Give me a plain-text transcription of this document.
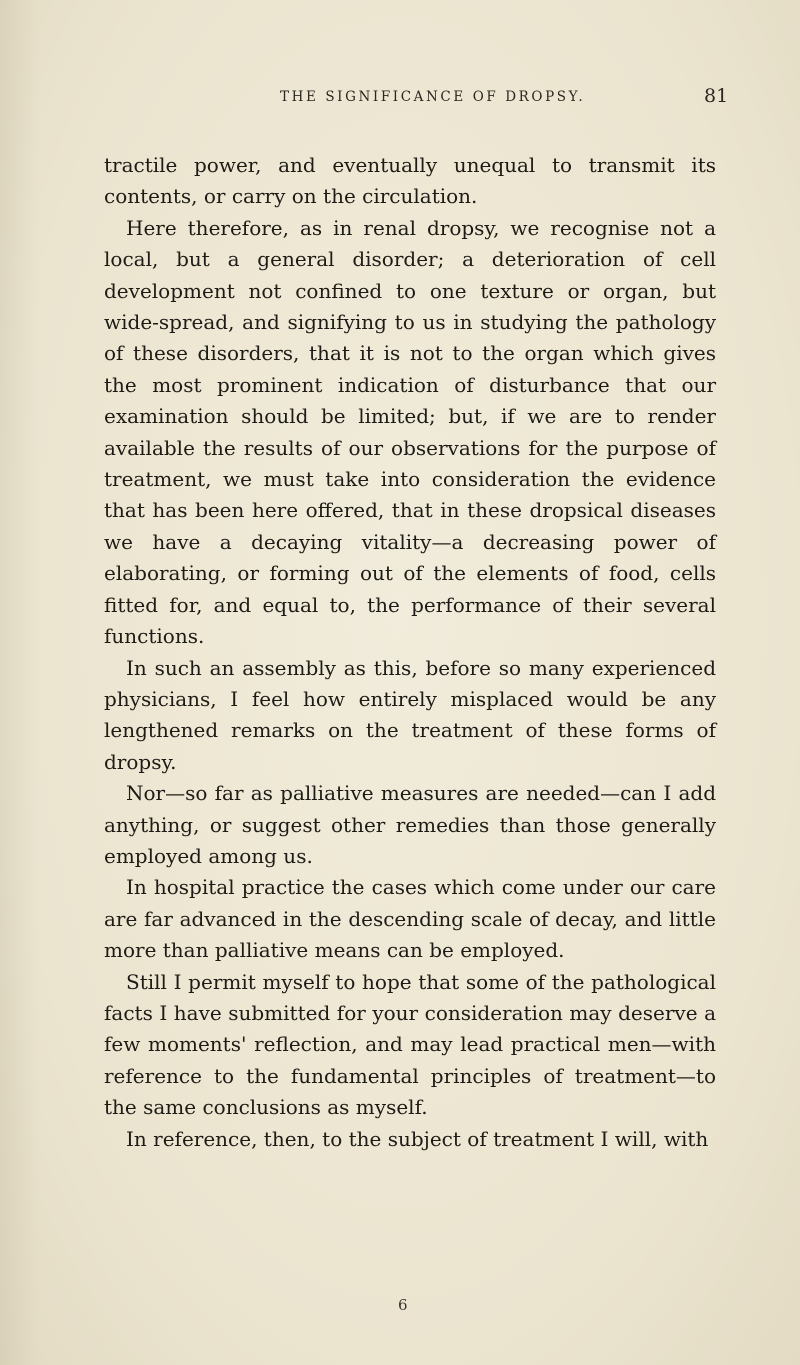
THE SIGNIFICANCE OF DROPSY.	81

tractile power, and eventually unequal to transmit its contents, or carry on the circulation.

Here therefore, as in renal dropsy, we recognise not a local, but a general disorder; a deterioration of cell development not confined to one texture or organ, but wide-spread, and signifying to us in studying the pathology of these disorders, that it is not to the organ which gives the most prominent indication of disturbance that our examination should be limited; but, if we are to render available the results of our observations for the purpose of treatment, we must take into consideration the evidence that has been here offered, that in these dropsical diseases we have a decaying vitality—a decreasing power of elaborating, or forming out of the elements of food, cells fitted for, and equal to, the performance of their several functions.

In such an assembly as this, before so many experienced physicians, I feel how entirely misplaced would be any lengthened remarks on the treatment of these forms of dropsy.

Nor—so far as palliative measures are needed—can I add anything, or suggest other remedies than those generally employed among us.

In hospital practice the cases which come under our care are far advanced in the descending scale of decay, and little more than palliative means can be employed.

Still I permit myself to hope that some of the pathological facts I have submitted for your consideration may deserve a few moments' reflection, and may lead practical men—with reference to the fundamental principles of treatment—to the same conclusions as myself.

In reference, then, to the subject of treatment I will, with

6
